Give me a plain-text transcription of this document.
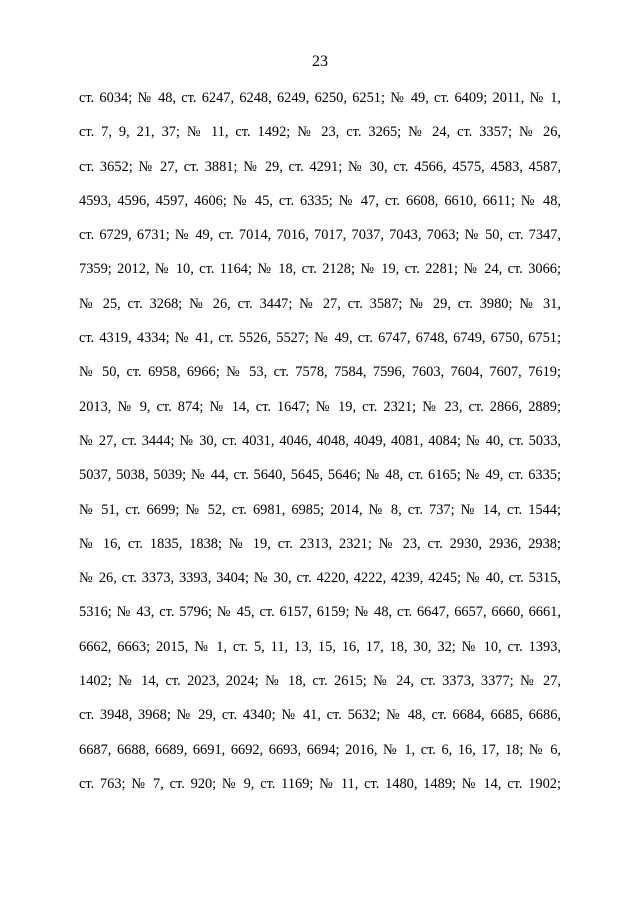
23
ст. 6034; № 48, ст. 6247, 6248, 6249, 6250, 6251; № 49, ст. 6409; 2011, № 1,
ст. 7, 9, 21, 37; № 11, ст. 1492; № 23, ст. 3265; № 24, ст. 3357; № 26,
ст. 3652; № 27, ст. 3881; № 29, ст. 4291; № 30, ст. 4566, 4575, 4583, 4587,
4593, 4596, 4597, 4606; № 45, ст. 6335; № 47, ст. 6608, 6610, 6611; № 48,
ст. 6729, 6731; № 49, ст. 7014, 7016, 7017, 7037, 7043, 7063; № 50, ст. 7347,
7359; 2012, № 10, ст. 1164; № 18, ст. 2128; № 19, ст. 2281; № 24, ст. 3066;
№ 25, ст. 3268; № 26, ст. 3447; № 27, ст. 3587; № 29, ст. 3980; № 31,
ст. 4319, 4334; № 41, ст. 5526, 5527; № 49, ст. 6747, 6748, 6749, 6750, 6751;
№ 50, ст. 6958, 6966; № 53, ст. 7578, 7584, 7596, 7603, 7604, 7607, 7619;
2013, № 9, ст. 874; № 14, ст. 1647; № 19, ст. 2321; № 23, ст. 2866, 2889;
№ 27, ст. 3444; № 30, ст. 4031, 4046, 4048, 4049, 4081, 4084; № 40, ст. 5033,
5037, 5038, 5039; № 44, ст. 5640, 5645, 5646; № 48, ст. 6165; № 49, ст. 6335;
№ 51, ст. 6699; № 52, ст. 6981, 6985; 2014, № 8, ст. 737; № 14, ст. 1544;
№ 16, ст. 1835, 1838; № 19, ст. 2313, 2321; № 23, ст. 2930, 2936, 2938;
№ 26, ст. 3373, 3393, 3404; № 30, ст. 4220, 4222, 4239, 4245; № 40, ст. 5315,
5316; № 43, ст. 5796; № 45, ст. 6157, 6159; № 48, ст. 6647, 6657, 6660, 6661,
6662, 6663; 2015, № 1, ст. 5, 11, 13, 15, 16, 17, 18, 30, 32; № 10, ст. 1393,
1402; № 14, ст. 2023, 2024; № 18, ст. 2615; № 24, ст. 3373, 3377; № 27,
ст. 3948, 3968; № 29, ст. 4340; № 41, ст. 5632; № 48, ст. 6684, 6685, 6686,
6687, 6688, 6689, 6691, 6692, 6693, 6694; 2016, № 1, ст. 6, 16, 17, 18; № 6,
ст. 763; № 7, ст. 920; № 9, ст. 1169; № 11, ст. 1480, 1489; № 14, ст. 1902;
